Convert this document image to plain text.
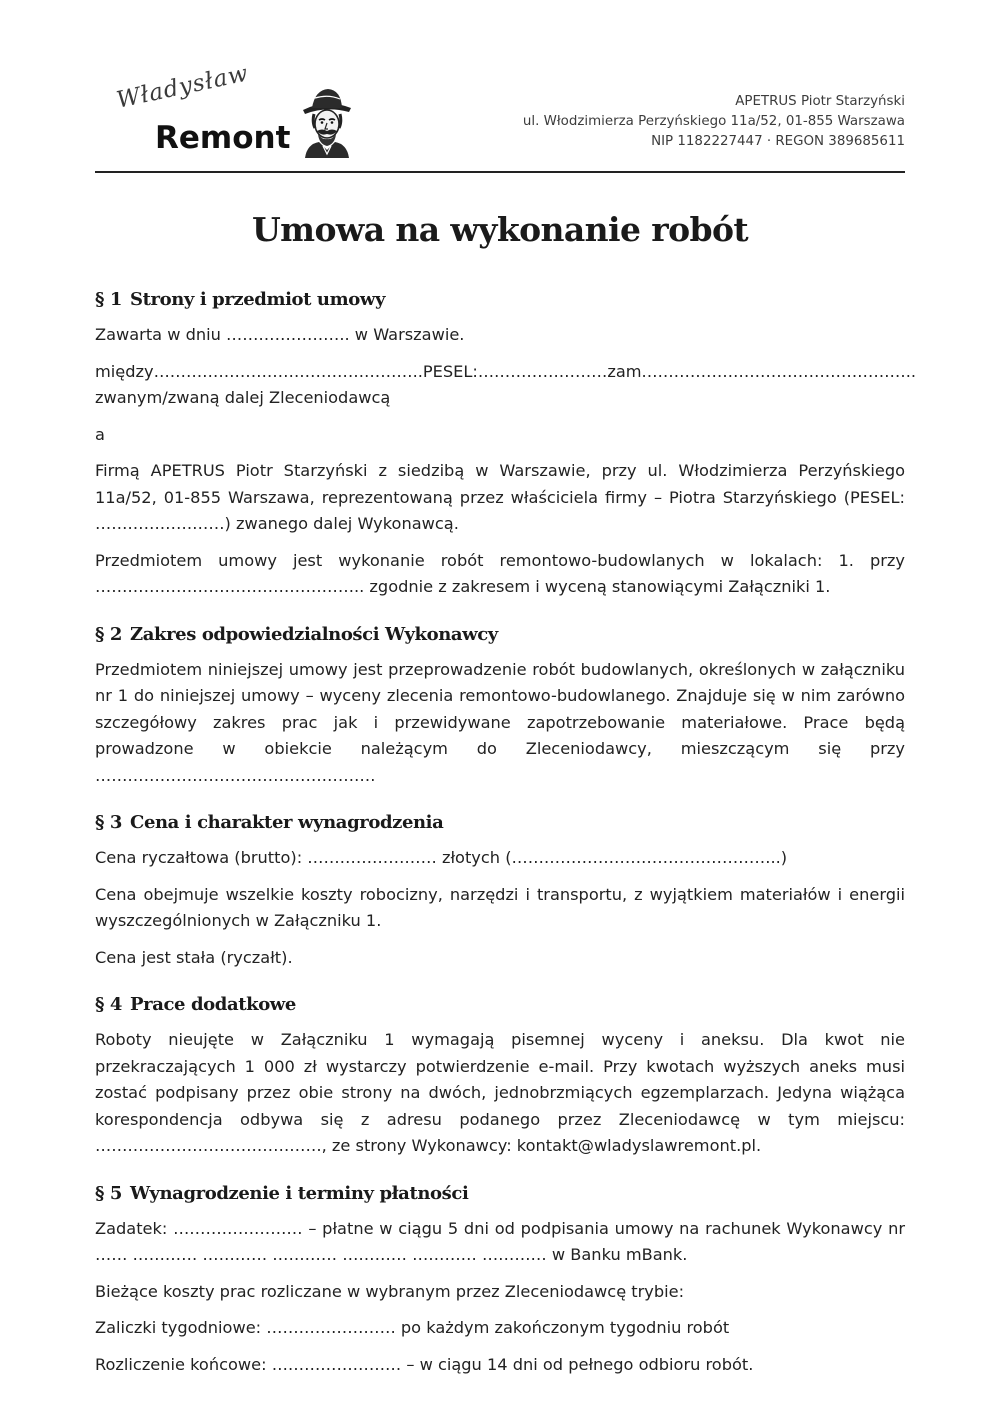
Władysław
Remont
APETRUS Piotr Starzyński
ul. Włodzimierza Perzyńskiego 11a/52, 01-855 Warszawa
NIP 1182227447 · REGON 389685611
Umowa na wykonanie robót
§ 1 Strony i przedmiot umowy

Zawarta w dniu ………………….. w Warszawie.

między ………………………………………….. PESEL: …………………… zam. …………………………………………..

zwanym/zwaną dalej Zleceniodawcą

a

Firmą APETRUS Piotr Starzyński z siedzibą w Warszawie, przy ul. Włodzimierza Perzyńskiego 11a/52, 01-855 Warszawa, reprezentowaną przez właściciela firmy – Piotra Starzyńskiego (PESEL: ……………………) zwanego dalej Wykonawcą.

Przedmiotem umowy jest wykonanie robót remontowo-budowlanych w lokalach: 1. przy ………………………………………….. zgodnie z zakresem i wyceną stanowiącymi Załączniki 1.

§ 2 Zakres odpowiedzialności Wykonawcy

Przedmiotem niniejszej umowy jest przeprowadzenie robót budowlanych, określonych w załączniku nr 1 do niniejszej umowy – wyceny zlecenia remontowo-budowlanego. Znajduje się w nim zarówno szczegółowy zakres prac jak i przewidywane zapotrzebowanie materiałowe. Prace będą prowadzone w obiekcie należącym do Zleceniodawcy, mieszczącym się przy …………………………………………….

§ 3 Cena i charakter wynagrodzenia

Cena ryczałtowa (brutto): …………………… złotych (…………………………………………..)

Cena obejmuje wszelkie koszty robocizny, narzędzi i transportu, z wyjątkiem materiałów i energii wyszczególnionych w Załączniku 1.

Cena jest stała (ryczałt).

§ 4 Prace dodatkowe

Roboty nieujęte w Załączniku 1 wymagają pisemnej wyceny i aneksu. Dla kwot nie przekraczających 1 000 zł wystarczy potwierdzenie e-mail. Przy kwotach wyższych aneks musi zostać podpisany przez obie strony na dwóch, jednobrzmiących egzemplarzach. Jedyna wiążąca korespondencja odbywa się z adresu podanego przez Zleceniodawcę w tym miejscu: ……………………………………, ze strony Wykonawcy: kontakt@wladyslawremont.pl.

§ 5 Wynagrodzenie i terminy płatności

Zadatek: …………………… – płatne w ciągu 5 dni od podpisania umowy na rachunek Wykonawcy nr …… ………… ………… ………… ………… ………… ………… w Banku mBank.

Bieżące koszty prac rozliczane w wybranym przez Zleceniodawcę trybie:

Zaliczki tygodniowe: …………………… po każdym zakończonym tygodniu robót

Rozliczenie końcowe: …………………… – w ciągu 14 dni od pełnego odbioru robót.
